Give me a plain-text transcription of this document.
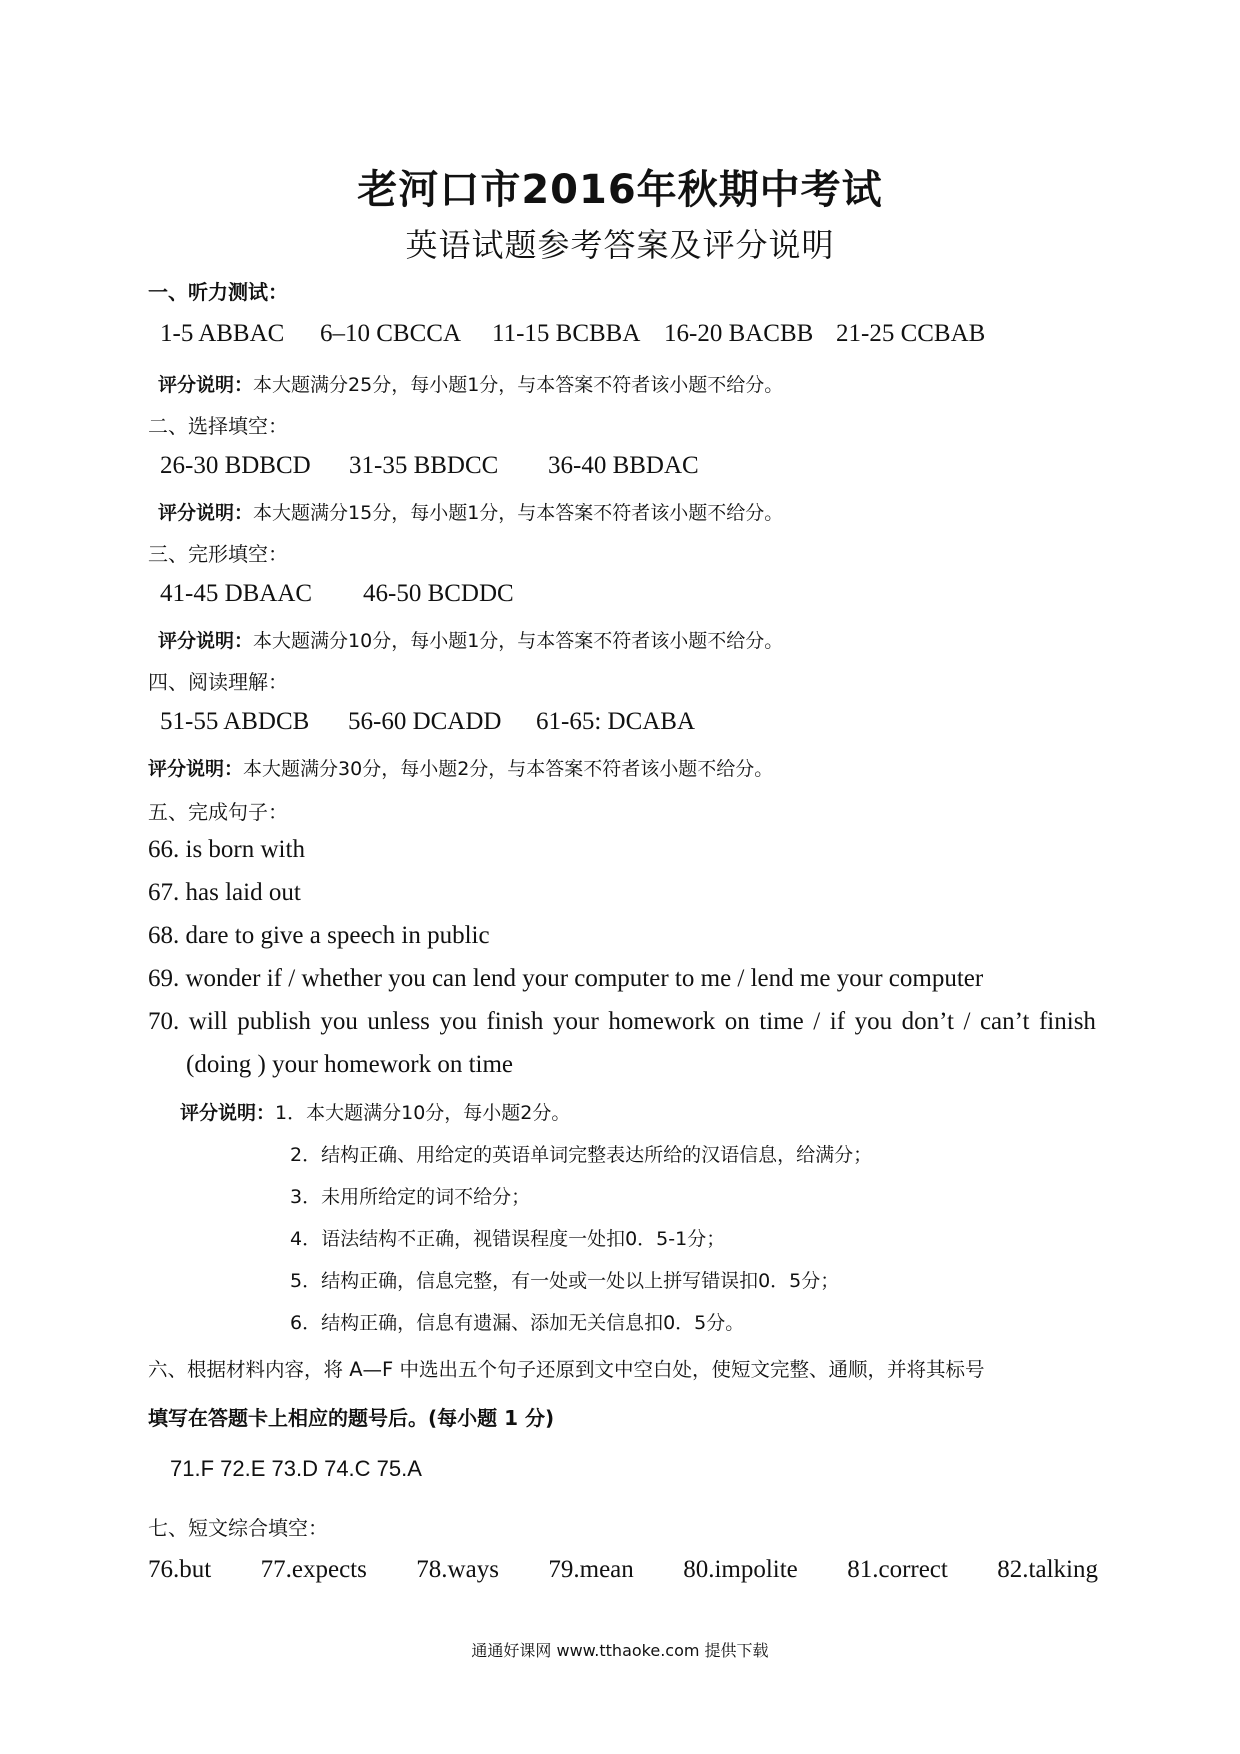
老河口市2016年秋期中考试
英语试题参考答案及评分说明
一、听力测试：
1-5 ABBAC 6–10 CBCCA 11-15 BCBBA 16-20 BACBB 21-25 CCBAB
评分说明：本大题满分25分，每小题1分，与本答案不符者该小题不给分。
二、选择填空：
26-30 BDBCD 31-35 BBDCC 36-40 BBDAC
评分说明：本大题满分15分，每小题1分，与本答案不符者该小题不给分。
三、完形填空：
41-45 DBAAC 46-50 BCDDC
评分说明：本大题满分10分，每小题1分，与本答案不符者该小题不给分。
四、阅读理解：
51-55 ABDCB 56-60 DCADD 61-65: DCABA
评分说明：本大题满分30分，每小题2分，与本答案不符者该小题不给分。
五、完成句子：
66. is born with
67. has laid out
68. dare to give a speech in public
69. wonder if / whether you can lend your computer to me / lend me your computer
70. will publish you unless you finish your homework on time / if you don’t / can’t finish
(doing ) your homework on time
评分说明：1．本大题满分10分，每小题2分。
2．结构正确、用给定的英语单词完整表达所给的汉语信息，给满分；
3．未用所给定的词不给分；
4．语法结构不正确，视错误程度一处扣0．5-1分；
5．结构正确，信息完整，有一处或一处以上拼写错误扣0．5分；
6．结构正确，信息有遗漏、添加无关信息扣0．5分。
六、根据材料内容，将 A—F 中选出五个句子还原到文中空白处，使短文完整、通顺，并将其标号
填写在答题卡上相应的题号后。(每小题 1 分)
71.F 72.E 73.D 74.C 75.A
七、短文综合填空：
76.but 77.expects 78.ways 79.mean 80.impolite 81.correct 82.talking
通通好课网 www.tthaoke.com 提供下载
